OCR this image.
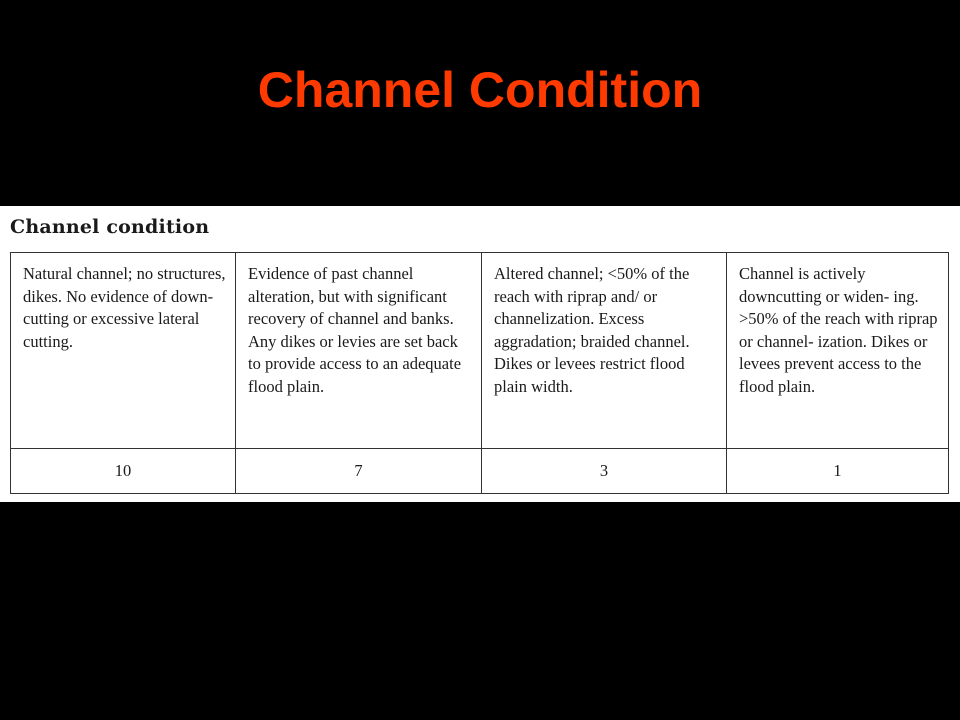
Channel Condition
Channel condition
Natural channel; no structures, dikes. No evidence of down- cutting or excessive lateral cutting.	Evidence of past channel alteration, but with significant recovery of channel and banks. Any dikes or levies are set back to provide access to an adequate flood plain.	Altered channel; <50% of the reach with riprap and/ or channelization. Excess aggradation; braided channel. Dikes or levees restrict flood plain width.	Channel is actively downcutting or widen- ing. >50% of the reach with riprap or channel- ization. Dikes or levees prevent access to the flood plain.
10	7	3	1
